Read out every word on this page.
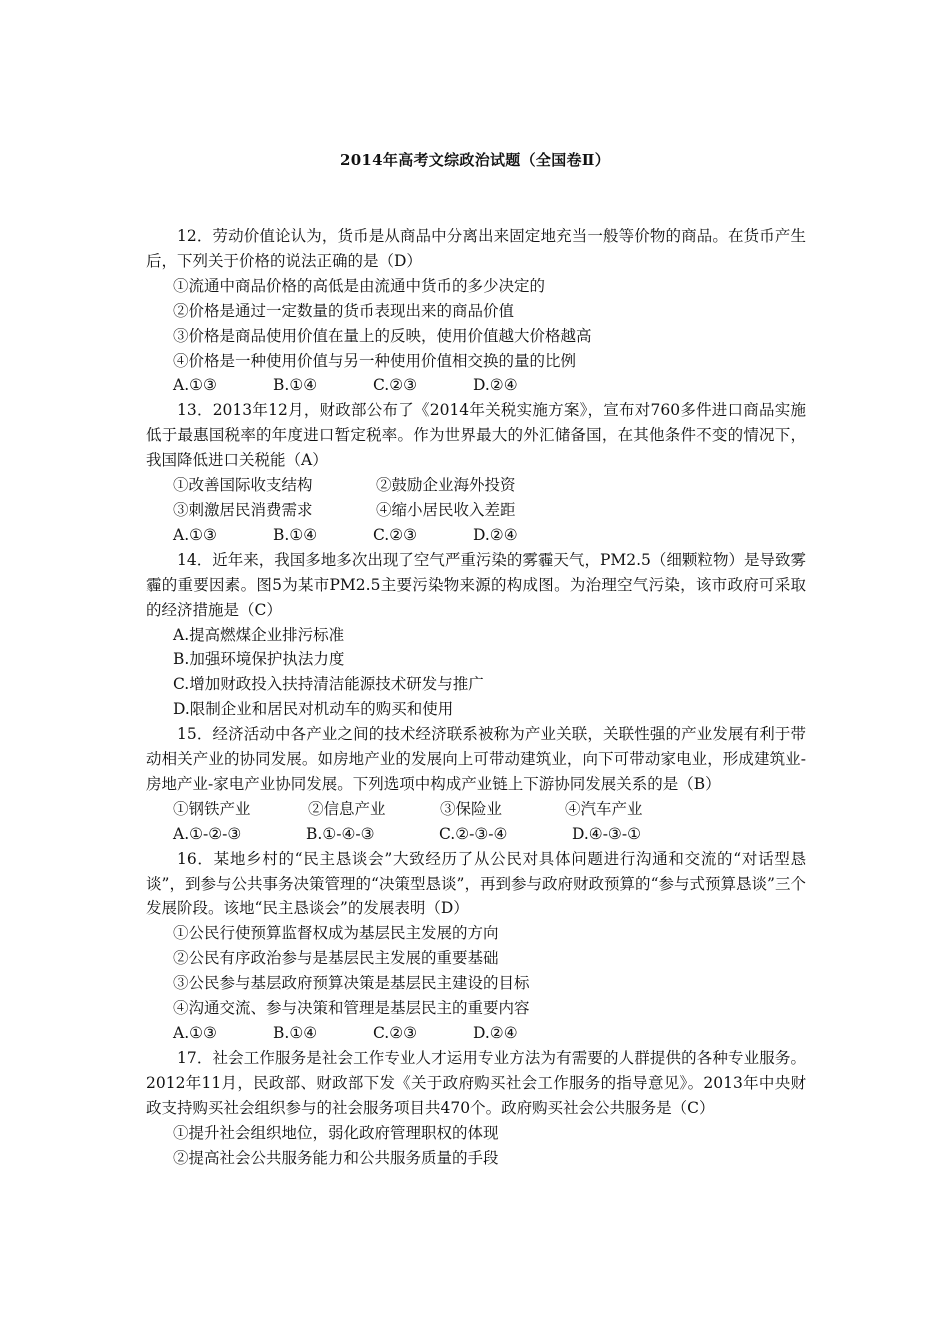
2014年高考文综政治试题（全国卷Ⅱ）

12．劳动价值论认为，货币是从商品中分离出来固定地充当一般等价物的商品。在货币产生后，下列关于价格的说法正确的是（D）

①流通中商品价格的高低是由流通中货币的多少决定的

②价格是通过一定数量的货币表现出来的商品价值

③价格是商品使用价值在量上的反映，使用价值越大价格越高

④价格是一种使用价值与另一种使用价值相交换的量的比例

A.①③	B.①④	C.②③	D.②④

13．2013年12月，财政部公布了《2014年关税实施方案》，宣布对760多件进口商品实施低于最惠国税率的年度进口暂定税率。作为世界最大的外汇储备国，在其他条件不变的情况下，我国降低进口关税能（A）

①改善国际收支结构	②鼓励企业海外投资

③刺激居民消费需求	④缩小居民收入差距

A.①③	B.①④	C.②③	D.②④

14．近年来，我国多地多次出现了空气严重污染的雾霾天气，PM2.5（细颗粒物）是导致雾霾的重要因素。图5为某市PM2.5主要污染物来源的构成图。为治理空气污染，该市政府可采取的经济措施是（C）

A.提高燃煤企业排污标准

B.加强环境保护执法力度

C.增加财政投入扶持清洁能源技术研发与推广

D.限制企业和居民对机动车的购买和使用

15．经济活动中各产业之间的技术经济联系被称为产业关联，关联性强的产业发展有利于带动相关产业的协同发展。如房地产业的发展向上可带动建筑业，向下可带动家电业，形成建筑业-房地产业-家电产业协同发展。下列选项中构成产业链上下游协同发展关系的是（B）

①钢铁产业	②信息产业	③保险业	④汽车产业

A.①-②-③	B.①-④-③	C.②-③-④	D.④-③-①

16．某地乡村的“民主恳谈会”大致经历了从公民对具体问题进行沟通和交流的“对话型恳谈”，到参与公共事务决策管理的“决策型恳谈”，再到参与政府财政预算的“参与式预算恳谈”三个发展阶段。该地“民主恳谈会”的发展表明（D）

①公民行使预算监督权成为基层民主发展的方向

②公民有序政治参与是基层民主发展的重要基础

③公民参与基层政府预算决策是基层民主建设的目标

④沟通交流、参与决策和管理是基层民主的重要内容

A.①③	B.①④	C.②③	D.②④

17．社会工作服务是社会工作专业人才运用专业方法为有需要的人群提供的各种专业服务。2012年11月，民政部、财政部下发《关于政府购买社会工作服务的指导意见》。2013年中央财政支持购买社会组织参与的社会服务项目共470个。政府购买社会公共服务是（C）

①提升社会组织地位，弱化政府管理职权的体现

②提高社会公共服务能力和公共服务质量的手段
